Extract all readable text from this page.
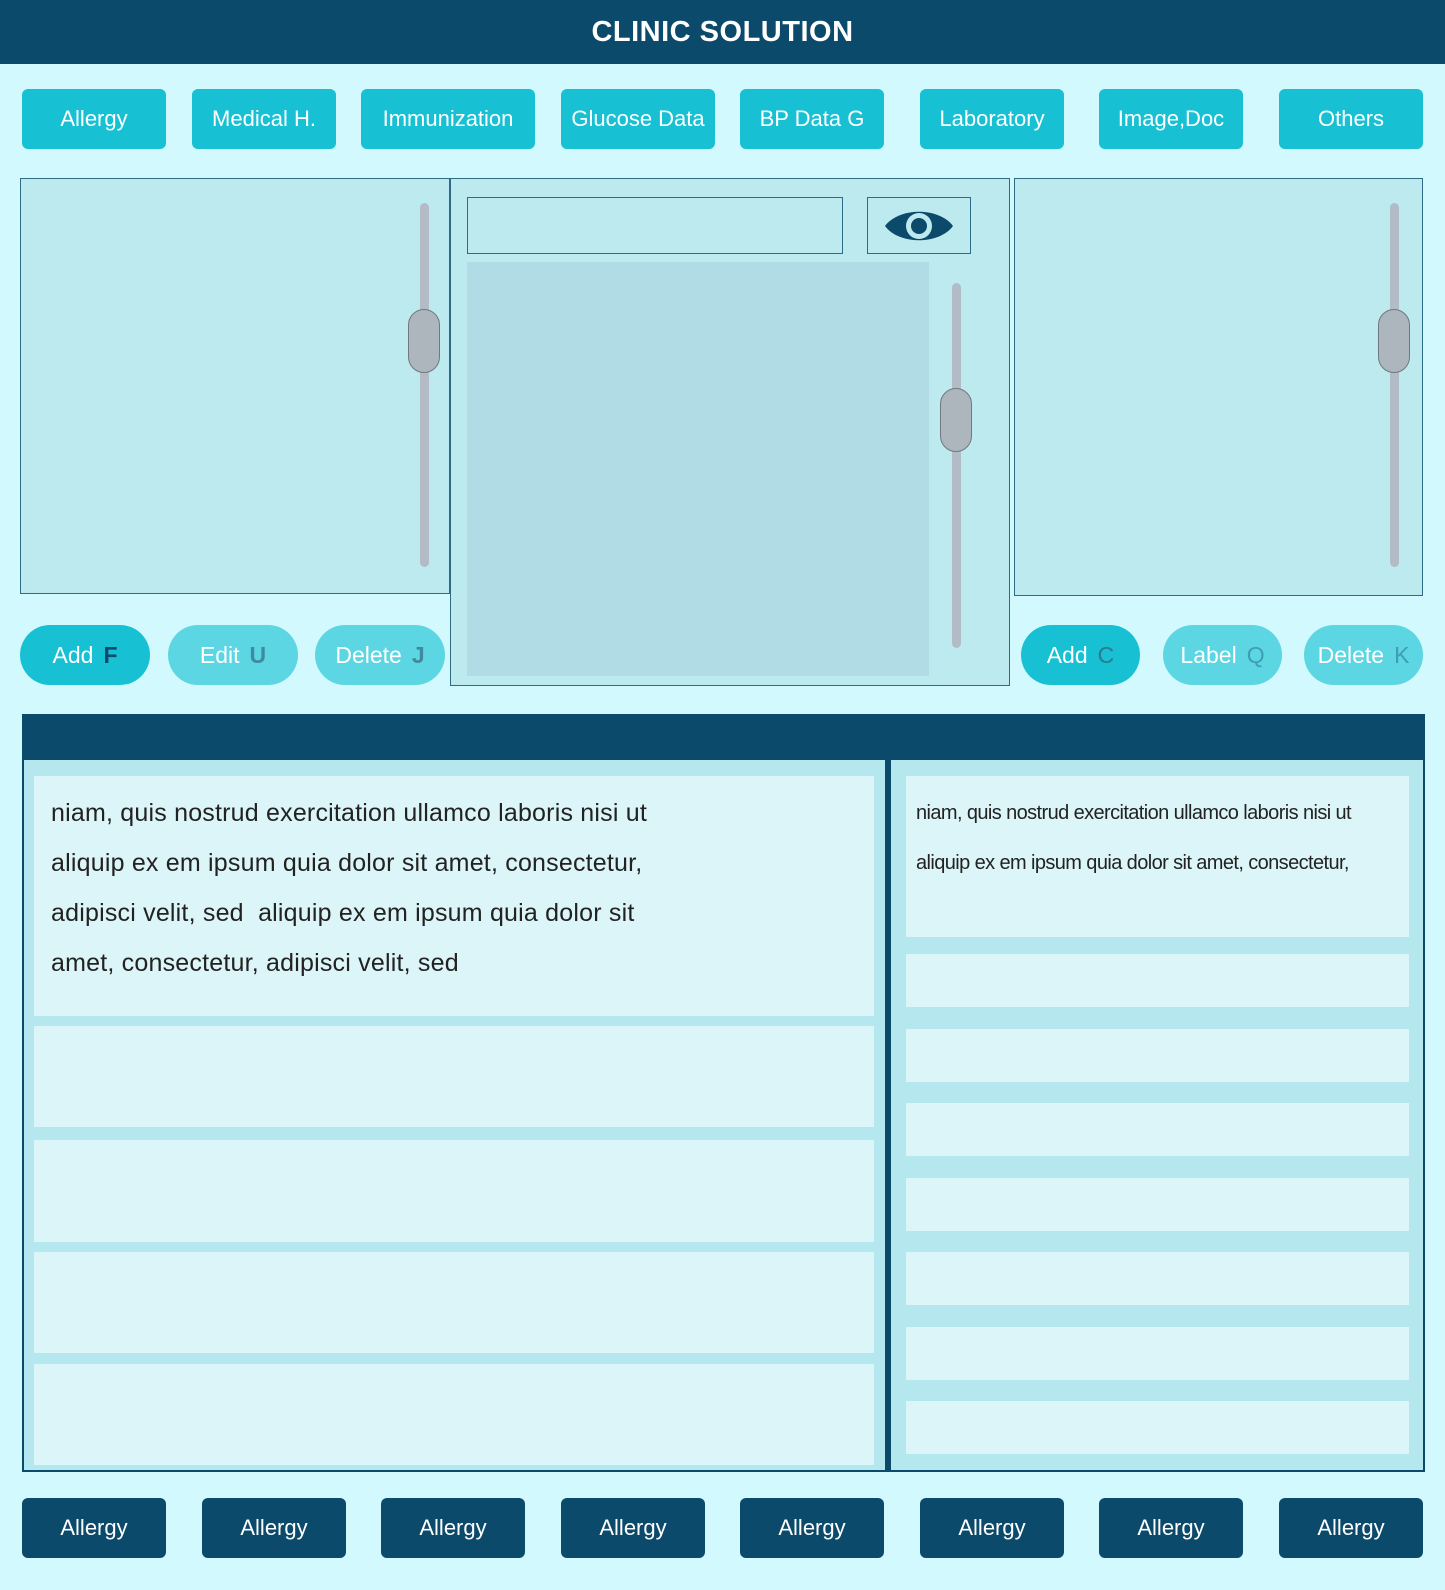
CLINIC SOLUTION
Allergy	Medical H.	Immunization	Glucose Data	BP Data G	Laboratory	Image,Doc	Others
Add F	Edit U	Delete J	Add C	Label Q Delete K
niam, quis nostrud exercitation ullamco laboris nisi ut
aliquip ex em ipsum quia dolor sit amet, consectetur,
adipisci velit, sed  aliquip ex em ipsum quia dolor sit
amet, consectetur, adipisci velit, sed
niam, quis nostrud exercitation ullamco laboris nisi ut
aliquip ex em ipsum quia dolor sit amet, consectetur,
Allergy	Allergy	Allergy	Allergy	Allergy	Allergy	Allergy	Allergy
